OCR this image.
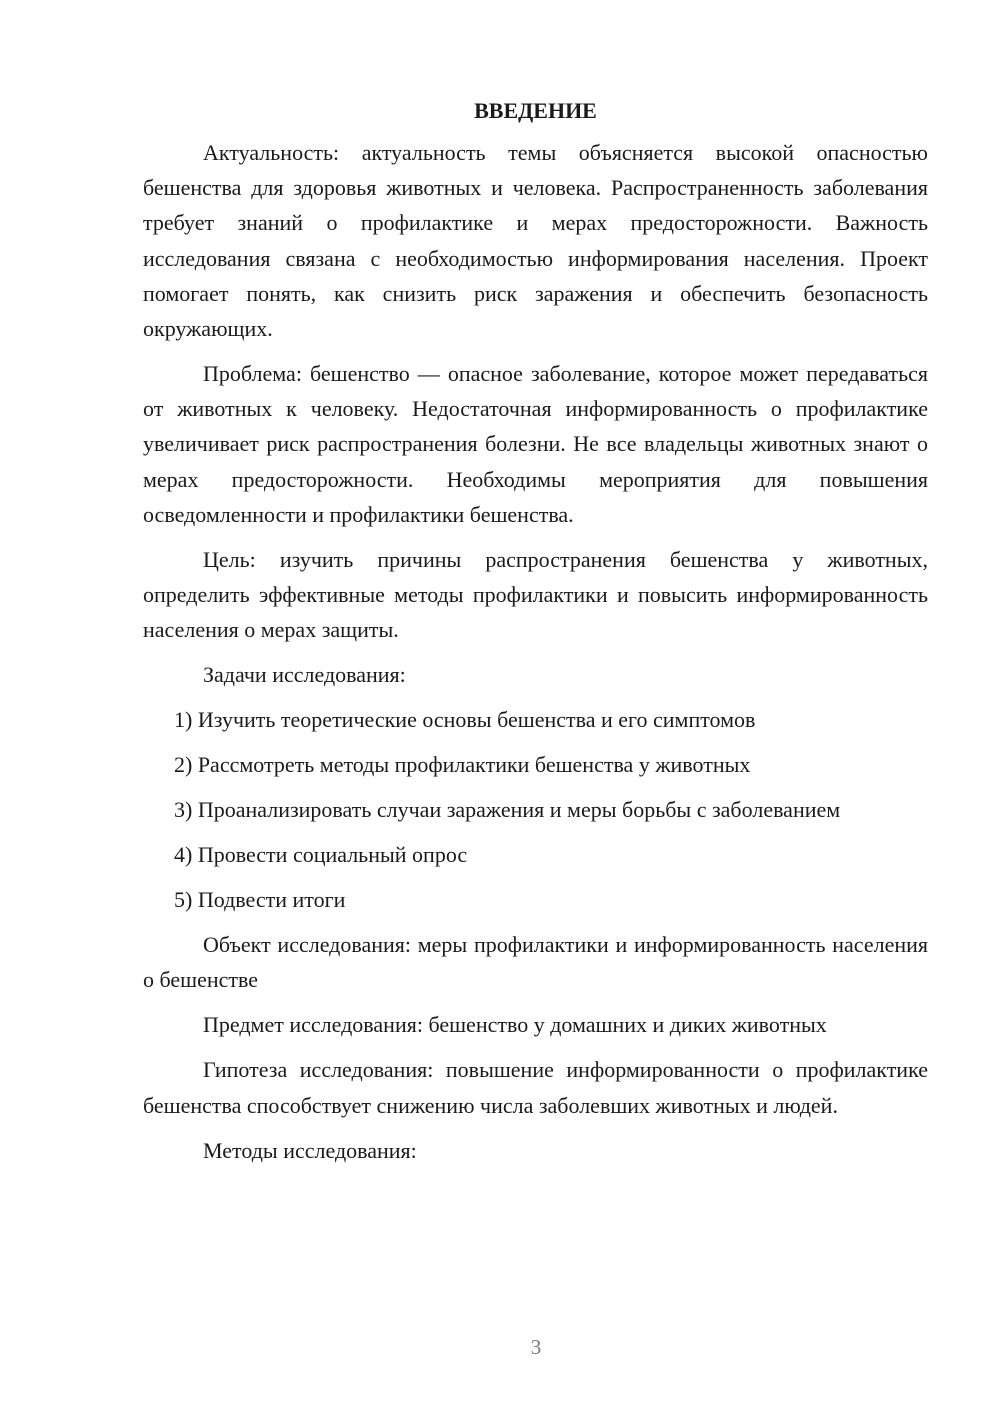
ВВЕДЕНИЕ

Актуальность: актуальность темы объясняется высокой опасностью бешенства для здоровья животных и человека. Распространенность заболевания требует знаний о профилактике и мерах предосторожности. Важность исследования связана с необходимостью информирования населения. Проект помогает понять, как снизить риск заражения и обеспечить безопасность окружающих.

Проблема: бешенство — опасное заболевание, которое может передаваться от животных к человеку. Недостаточная информированность о профилактике увеличивает риск распространения болезни. Не все владельцы животных знают о мерах предосторожности. Необходимы мероприятия для повышения осведомленности и профилактики бешенства.

Цель: изучить причины распространения бешенства у животных, определить эффективные методы профилактики и повысить информированность населения о мерах защиты.

Задачи исследования:

1) Изучить теоретические основы бешенства и его симптомов

2) Рассмотреть методы профилактики бешенства у животных

3) Проанализировать случаи заражения и меры борьбы с заболеванием

4) Провести социальный опрос

5) Подвести итоги

Объект исследования: меры профилактики и информированность населения о бешенстве

Предмет исследования: бешенство у домашних и диких животных

Гипотеза исследования: повышение информированности о профилактике бешенства способствует снижению числа заболевших животных и людей.

Методы исследования:

3
